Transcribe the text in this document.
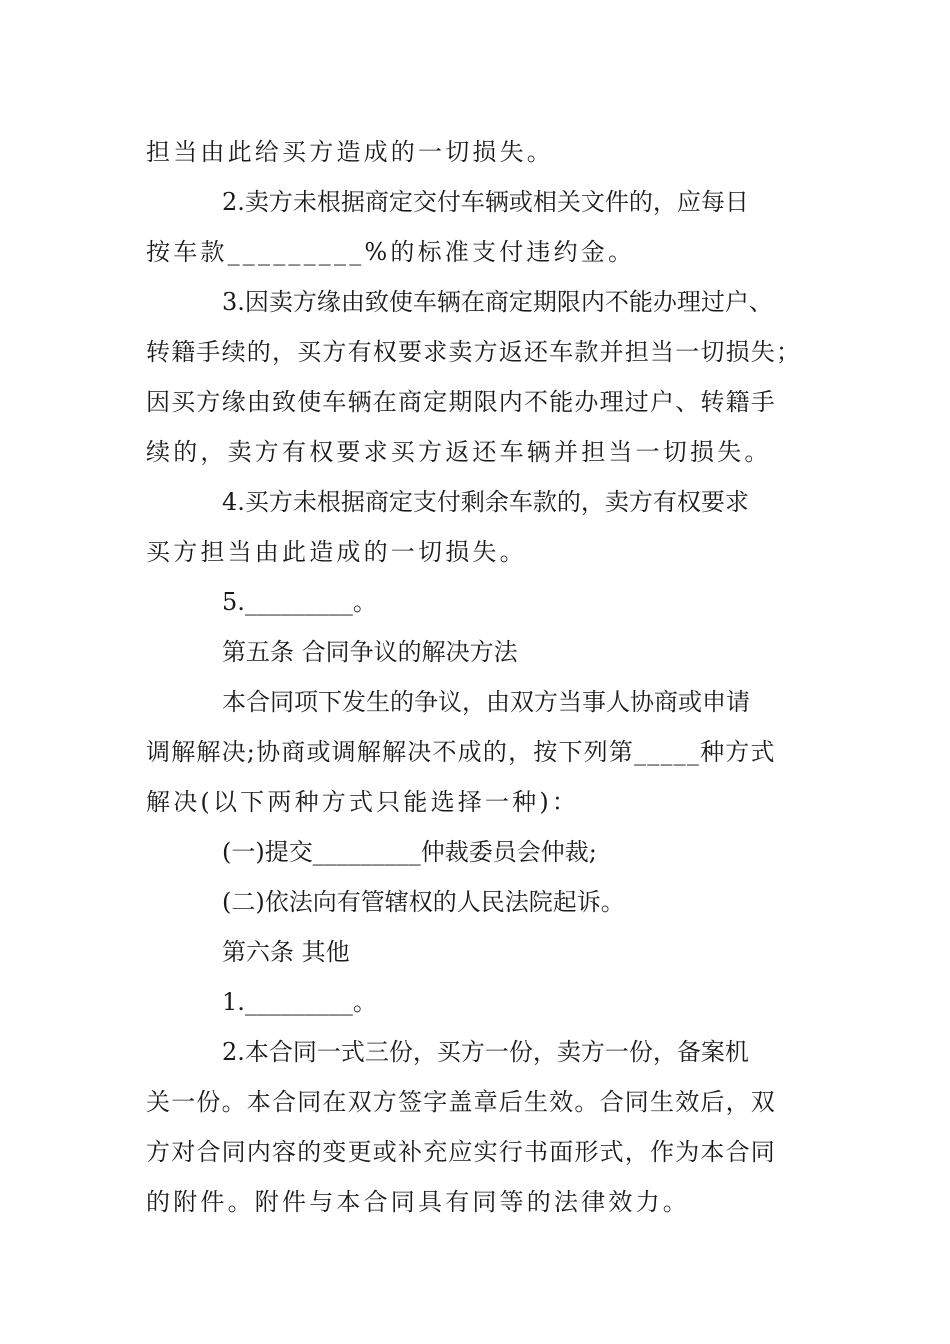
担当由此给买方造成的一切损失。
2.卖方未根据商定交付车辆或相关文件的，应每日
按车款_________%的标准支付违约金。
3.因卖方缘由致使车辆在商定期限内不能办理过户、
转籍手续的，买方有权要求卖方返还车款并担当一切损失；
因买方缘由致使车辆在商定期限内不能办理过户、转籍手
续的，卖方有权要求买方返还车辆并担当一切损失。
4.买方未根据商定支付剩余车款的，卖方有权要求
买方担当由此造成的一切损失。
5._________。
第五条 合同争议的解决方法
本合同项下发生的争议，由双方当事人协商或申请
调解解决;协商或调解解决不成的，按下列第_____种方式
解决(以下两种方式只能选择一种)：
(一)提交_________仲裁委员会仲裁;
(二)依法向有管辖权的人民法院起诉。
第六条 其他
1._________。
2.本合同一式三份，买方一份，卖方一份，备案机
关一份。本合同在双方签字盖章后生效。合同生效后，双
方对合同内容的变更或补充应实行书面形式，作为本合同
的附件。附件与本合同具有同等的法律效力。
